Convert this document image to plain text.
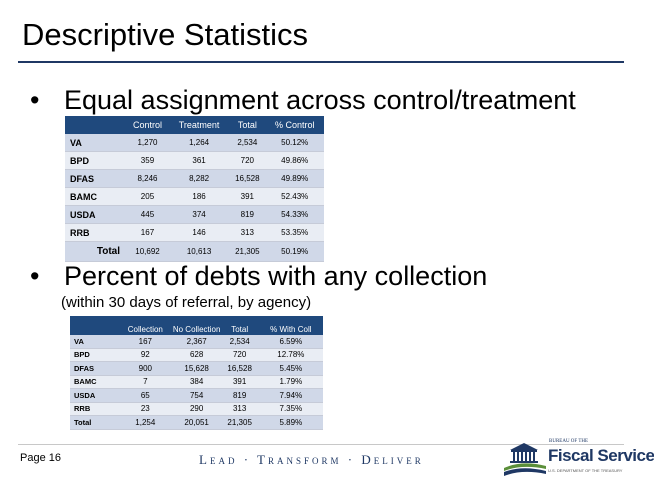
Descriptive Statistics
• Equal assignment across control/treatment
	Control	Treatment	Total	% Control
VA	1,270	1,264	2,534	50.12%
BPD	359	361	720	49.86%
DFAS	8,246	8,282	16,528	49.89%
BAMC	205	186	391	52.43%
USDA	445	374	819	54.33%
RRB	167	146	313	53.35%
Total	10,692	10,613	21,305	50.19%
• Percent of debts with any collection
(within 30 days of referral, by agency)
	Collection	No Collection	Total	% With Coll
VA	167	2,367	2,534	6.59%
BPD	92	628	720	12.78%
DFAS	900	15,628	16,528	5.45%
BAMC	7	384	391	1.79%
USDA	65	754	819	7.94%
RRB	23	290	313	7.35%
Total	1,254	20,051	21,305	5.89%
Page 16	Lead · Transform · Deliver
BUREAU OF THE
Fiscal Service
U.S. DEPARTMENT OF THE TREASURY
